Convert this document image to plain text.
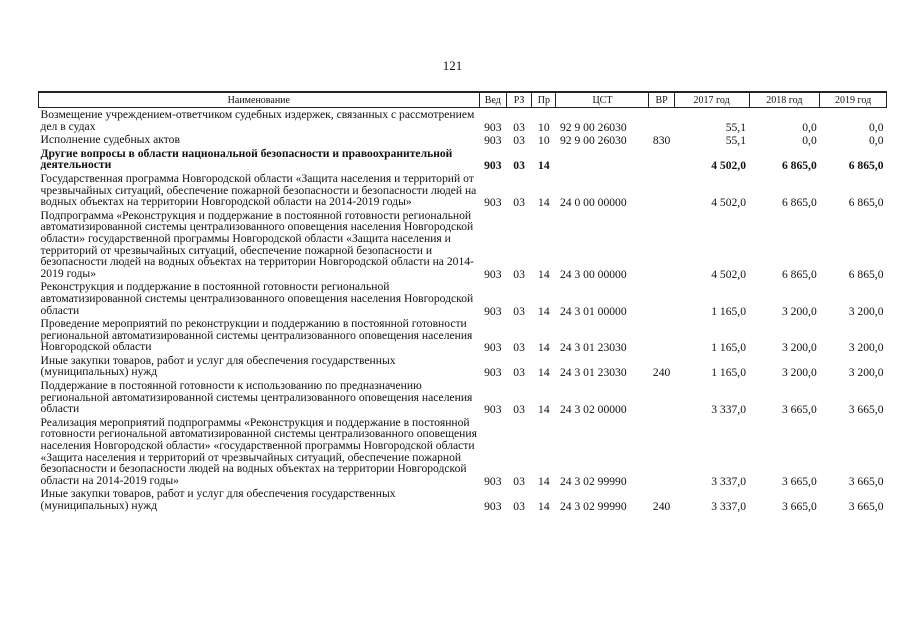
121
Наименование	Вед	РЗ	Пр	ЦСТ	ВР	2017 год	2018 год	2019 год
Возмещение учреждением-ответчиком судебных издержек, связанных с рассмотрением дел в судах	903	03	10	92 9 00 26030		55,1	0,0	0,0
Исполнение судебных актов	903	03	10	92 9 00 26030	830	55,1	0,0	0,0
Другие вопросы в области национальной безопасности и правоохранительной деятельности	903	03	14			4 502,0	6 865,0	6 865,0
Государственная программа Новгородской области «Защита населения и территорий от чрезвычайных ситуаций, обеспечение пожарной безопасности и безопасности людей на водных объектах на территории Новгородской области на 2014-2019 годы»	903	03	14	24 0 00 00000		4 502,0	6 865,0	6 865,0
Подпрограмма «Реконструкция и поддержание в постоянной готовности региональной автоматизированной системы централизованного оповещения населения Новгородской области» государственной программы Новгородской области «Защита населения и территорий от чрезвычайных ситуаций, обеспечение пожарной безопасности и безопасности людей на водных объектах на территории Новгородской области на 2014-2019 годы»	903	03	14	24 3 00 00000		4 502,0	6 865,0	6 865,0
Реконструкция и поддержание в постоянной готовности региональной автоматизированной системы централизованного оповещения населения Новгородской области	903	03	14	24 3 01 00000		1 165,0	3 200,0	3 200,0
Проведение мероприятий по реконструкции и поддержанию в постоянной готовности региональной автоматизированной системы централизованного оповещения населения Новгородской области	903	03	14	24 3 01 23030		1 165,0	3 200,0	3 200,0
Иные закупки товаров, работ и услуг для обеспечения государственных (муниципальных) нужд	903	03	14	24 3 01 23030	240	1 165,0	3 200,0	3 200,0
Поддержание в постоянной готовности к использованию по предназначению региональной автоматизированной системы централизованного оповещения населения области	903	03	14	24 3 02 00000		3 337,0	3 665,0	3 665,0
Реализация мероприятий подпрограммы «Реконструкция и поддержание в постоянной готовности региональной автоматизированной системы централизованного оповещения населения Новгородской области» «государственной программы Новгородской области «Защита населения и территорий от чрезвычайных ситуаций, обеспечение пожарной безопасности и безопасности людей на водных объектах на территории Новгородской области на 2014-2019 годы»	903	03	14	24 3 02 99990		3 337,0	3 665,0	3 665,0
Иные закупки товаров, работ и услуг для обеспечения государственных (муниципальных) нужд	903	03	14	24 3 02 99990	240	3 337,0	3 665,0	3 665,0
